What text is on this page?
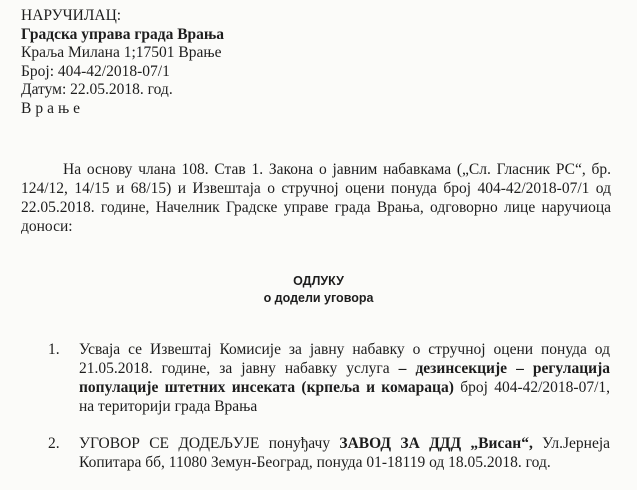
НАРУЧИЛАЦ:
Градска управа града Врања
Краља Милана 1;17501 Врање
Број: 404-42/2018-07/1
Датум: 22.05.2018. год.
Врање
На основу члана 108. Став 1. Закона о јавним набавкама („Сл. Гласник РС“, бр.
124/12, 14/15 и 68/15) и Извештаја о стручној оцени понуда број 404-42/2018-07/1 од
22.05.2018. године, Начелник Градске управе града Врања, одговорно лице наручиоца
доноси:
ОДЛУКУ
о додели уговора
1. Усваја се Извештај Комисије за јавну набавку о стручној оцени понуда од
21.05.2018. године, за јавну набавку услуга – дезинсекције – регулација
популације штетних инсеката (крпеља и комараца) број 404-42/2018-07/1,
на територији града Врања
2. УГОВОР СЕ ДОДЕЉУЈЕ понуђачу ЗАВОД ЗА ДДД „Висан“, Ул.Јернеја
Копитара бб, 11080 Земун-Београд, понуда 01-18119 од 18.05.2018. год.
